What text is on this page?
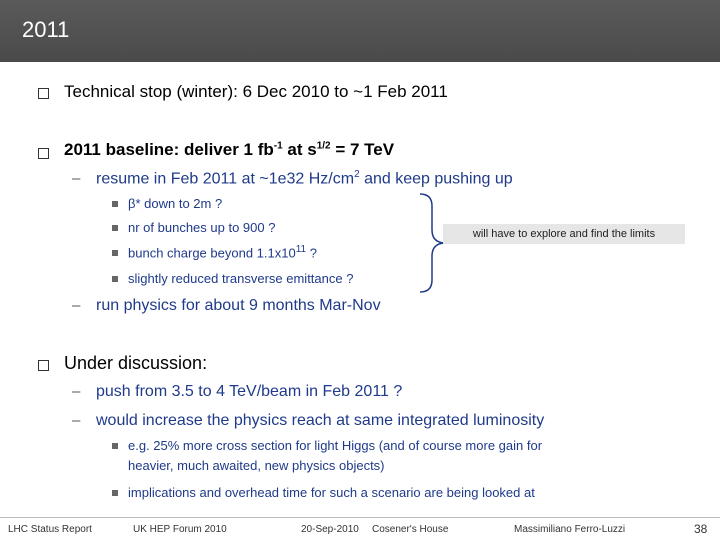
2011
Technical stop (winter): 6 Dec 2010 to ~1 Feb 2011
2011 baseline: deliver 1 $fb^{-1}$ at $s^{1/2} = 7$ TeV
– resume in Feb 2011 at ~1e32 $Hz/cm^2$ and keep pushing up
β* down to 2m ?
nr of bunches up to 900 ?
bunch charge beyond $1.1x10^{11}$ ?
slightly reduced transverse emittance ?
will have to explore and find the limits
– run physics for about 9 months Mar-Nov
Under discussion:
– push from 3.5 to 4 TeV/beam in Feb 2011 ?
– would increase the physics reach at same integrated luminosity
e.g. 25% more cross section for light Higgs (and of course more gain for
heavier, much awaited, new physics objects)
implications and overhead time for such a scenario are being looked at
LHC Status Report	UK HEP Forum 2010	20-Sep-2010 Cosener's House	Massimiliano Ferro-Luzzi	38
